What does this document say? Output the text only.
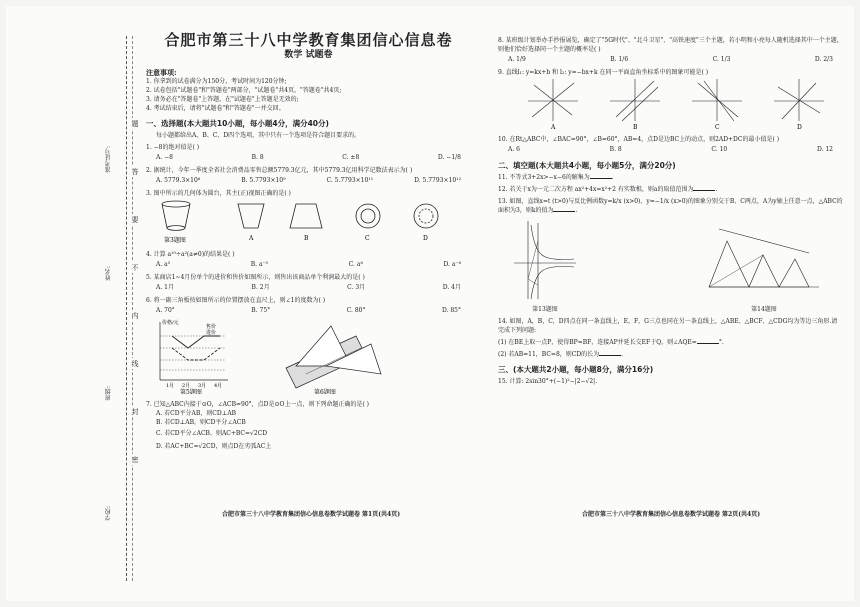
学校:
班级:
姓名:
准考证号:
题
答
要
不
内
线
封
密
合肥市第三十八中学教育集团信心信息卷
数学 试题卷
注意事项:
1. 你拿到的试卷满分为150分，考试时间为120分钟;
2. 试卷包括"试题卷"和"答题卷"两部分，"试题卷"共4页，"答题卷"共4页;
3. 请务必在"答题卷"上答题，在"试题卷"上答题是无效的;
4. 考试结束后，请将"试题卷"和"答题卷"一并交回。
一、选择题(本大题共10小题，每小题4分，满分40分)
每小题都给出A、B、C、D四个选项，其中只有一个选项是符合题目要求的。
1. −8的绝对值是( )
A. −8	B. 8	C. ±8	D. −1/8
2. 据统计，今年一季度全省社会消费品零售总额5779.3亿元，其中5779.3亿用科学记数法表示为( )
A. 5779.3×10⁸	B. 5.7793×10⁹	C. 5.7793×10¹¹	D. 5.7793×10¹²
3. 图中所示的几何体为圆台，其主(正)视图正确的是( )
第3题图	A	B	C	D
4. 计算 a¹⁰÷a²(a≠0)的结果是( )
A. a⁵	B. a⁻⁵	C. a⁸	D. a⁻⁸
5. 某商店1~4月份单个的进价和售价如图所示，则售出该商品单个利润最大的是( )
A. 1月	B. 2月	C. 3月	D. 4月
6. 将一副三角板按如图所示的位置摆放在直尺上，则∠1的度数为( )
A. 70°	B. 75°	C. 80°	D. 85°
价格/元
售价
进价
1月 2月 3月 4月
第5题图	第6题图
7. 已知△ABC内接于⊙O，∠ACB=90°，点D是⊙O上一点，则下列命题正确的是( )
A. 若CD平分AB，则CD⊥AB
B. 若CD⊥AB，则CD平分∠ACB
C. 若CD平分∠ACB，则AC+BC=√2CD
D. 若AC+BC=√2CD，则点D在劣弧AC上
合肥市第三十八中学教育集团信心信息卷数学试题卷 第1页(共4页)
8. 某班级计划举办手抄报展览，确定了"5G时代"、"北斗卫星"、"高铁速度"三个主题，若小明和小亮每人随机选择其中一个主题，则他们恰好选择同一个主题的概率是( )
A. 1/9	B. 1/6	C. 1/3	D. 2/3
9. 直线l₁: y=kx+b 和 l₂: y=−bx+k 在同一平面直角坐标系中的图象可能是( )
A	B	C	D
10. 在Rt△ABC中，∠BAC=90°，∠B=60°，AB=4，点D是边BC上的动点，则2AD+DC的最小值是( )
A. 6	B. 8	C. 10	D. 12
二、填空题(本大题共4小题，每小题5分，满分20分)
11. 不等式3+2x>−x−6的解集为	.
12. 若关于x为一元二次方程 ax²+4x=x²+2 有实数根，则a的取值范围为	.
13. 如图，直线x=t (t>0)与反比例函数y=k/x (x>0)、y=−1/x (x>0)的图象分别交于B、C两点，A为y轴上任意一点，△ABC的面积为3，则k的值为	.
第13题图	第14题图
14. 如图，A，B，C，D四点在同一条直线上，E，F，G三点也同在另一条直线上，△ABE、△BCF、△CDG均为等边三角形.请完成下列问题:
(1) 在BE上取一点P，使得BP=BF，连接AP并延长交EF于Q，则∠AQE=	°.
(2) 若AB=11，BC=8，则CD的长为	.
三、(本大题共2小题，每小题8分，满分16分)
15. 计算: 2sin30°+(−1)²−|2−√2|.
合肥市第三十八中学教育集团信心信息卷数学试题卷 第2页(共4页)
